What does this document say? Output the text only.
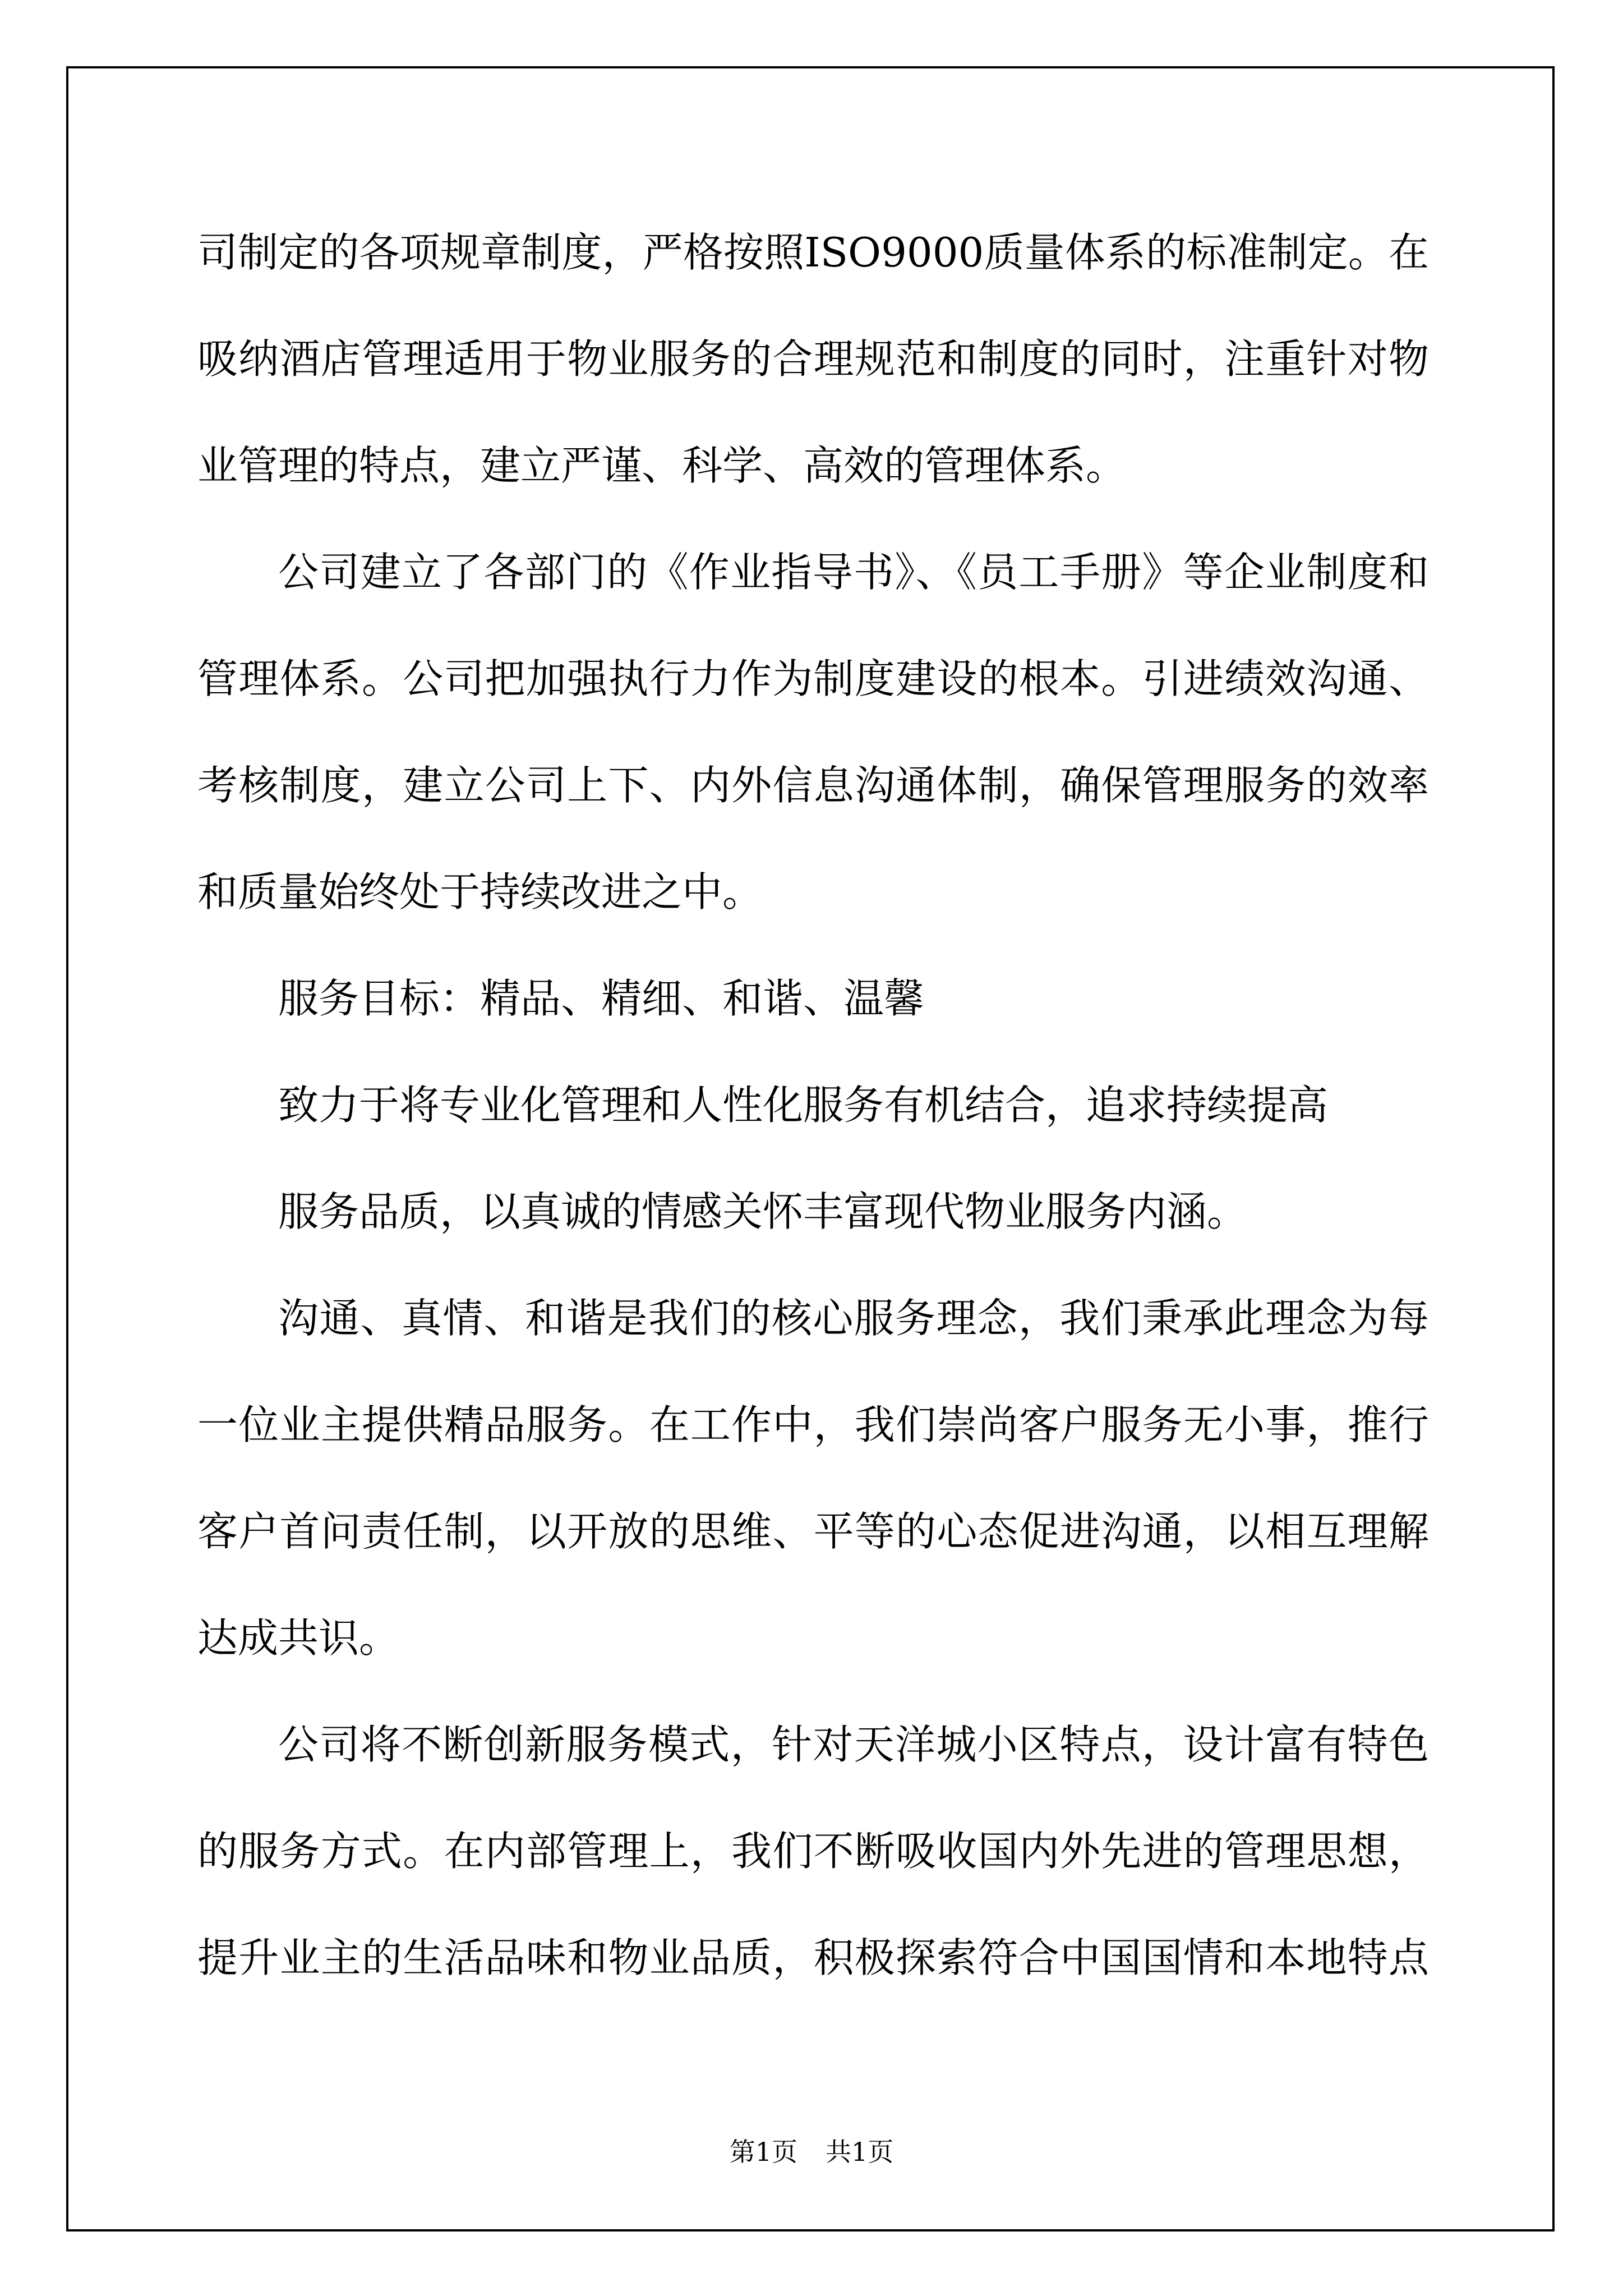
司制定的各项规章制度，严格按照ISO9000质量体系的标准制定。在
吸纳酒店管理适用于物业服务的合理规范和制度的同时，注重针对物
业管理的特点，建立严谨、科学、高效的管理体系。
公司建立了各部门的《作业指导书》、《员工手册》等企业制度和
管理体系。公司把加强执行力作为制度建设的根本。引进绩效沟通、
考核制度，建立公司上下、内外信息沟通体制，确保管理服务的效率
和质量始终处于持续改进之中。
服务目标：精品、精细、和谐、温馨
致力于将专业化管理和人性化服务有机结合，追求持续提高
服务品质，以真诚的情感关怀丰富现代物业服务内涵。
沟通、真情、和谐是我们的核心服务理念，我们秉承此理念为每
一位业主提供精品服务。在工作中，我们崇尚客户服务无小事，推行
客户首问责任制，以开放的思维、平等的心态促进沟通，以相互理解
达成共识。
公司将不断创新服务模式，针对天洋城小区特点，设计富有特色
的服务方式。在内部管理上，我们不断吸收国内外先进的管理思想，
提升业主的生活品味和物业品质，积极探索符合中国国情和本地特点
第1页 共1页
